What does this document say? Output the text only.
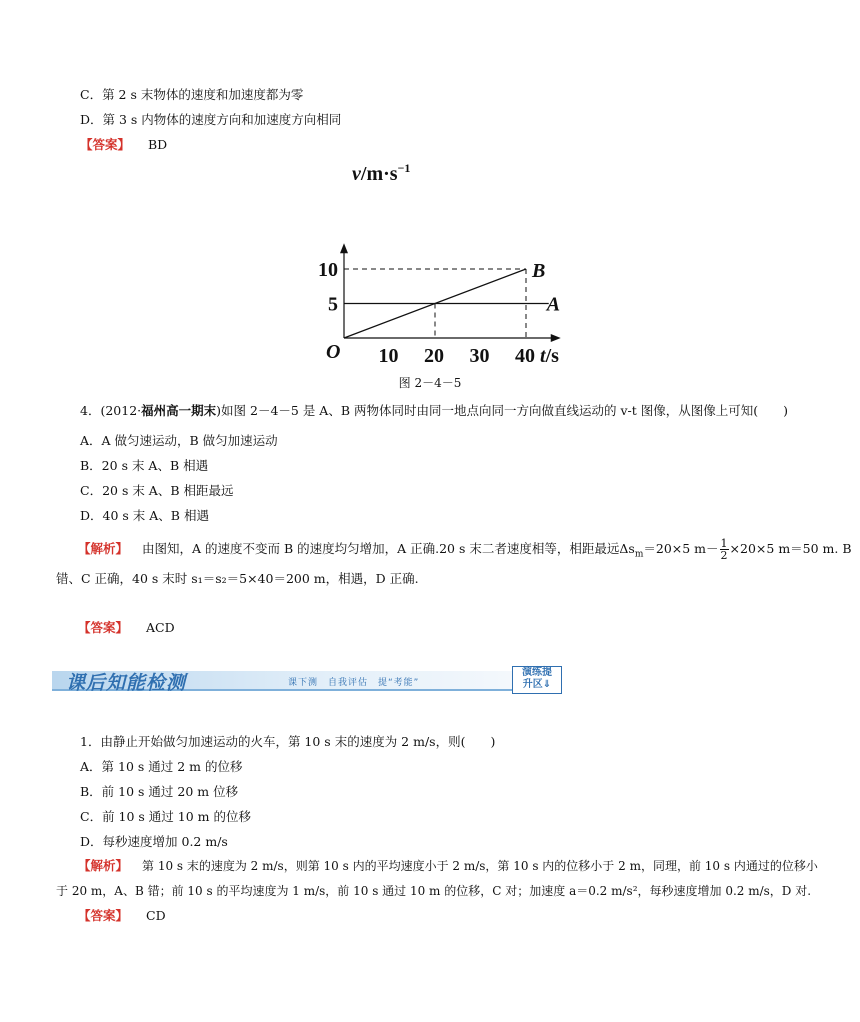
C．第 2 s 末物体的速度和加速度都为零
D．第 3 s 内物体的速度方向和加速度方向相同
【答案】 BD
10
5
O 10 20 30 40
$v/m\cdot s^{-1}$
t/s
A
B
图 2－4－5
4．(2012·福州高一期末)如图 2－4－5 是 A、B 两物体同时由同一地点向同一方向做直线运动的 v-t 图像，从图像上可知(　　)
A．A 做匀速运动，B 做匀加速运动
B．20 s 末 A、B 相遇
C．20 s 末 A、B 相距最远
D．40 s 末 A、B 相遇
【解析】 由图知，A 的速度不变而 B 的速度均匀增加，A 正确.20 s 末二者速度相等，相距最远$\Delta s_m=20\times 5$ $m- \frac{1}{2} \times 20\times 5$ m＝50 m. B
错、C 正确，40 s 末时 s₁＝s₂＝5×40＝200 m，相遇，D 正确.
【答案】 ACD
课后知能检测	课下测　自我评估　提“考能”
演练提
升区⇓
1．由静止开始做匀加速运动的火车，第 10 s 末的速度为 2 m/s，则(　　)
A．第 10 s 通过 2 m 的位移
B．前 10 s 通过 20 m 位移
C．前 10 s 通过 10 m 的位移
D．每秒速度增加 0.2 m/s
【解析】 第 10 s 末的速度为 2 m/s，则第 10 s 内的平均速度小于 2 m/s，第 10 s 内的位移小于 2 m，同理，前 10 s 内通过的位移小
于 20 m，A、B 错；前 10 s 的平均速度为 1 m/s，前 10 s 通过 10 m 的位移，C 对；加速度 a＝0.2 m/s²，每秒速度增加 0.2 m/s，D 对.
【答案】 CD
